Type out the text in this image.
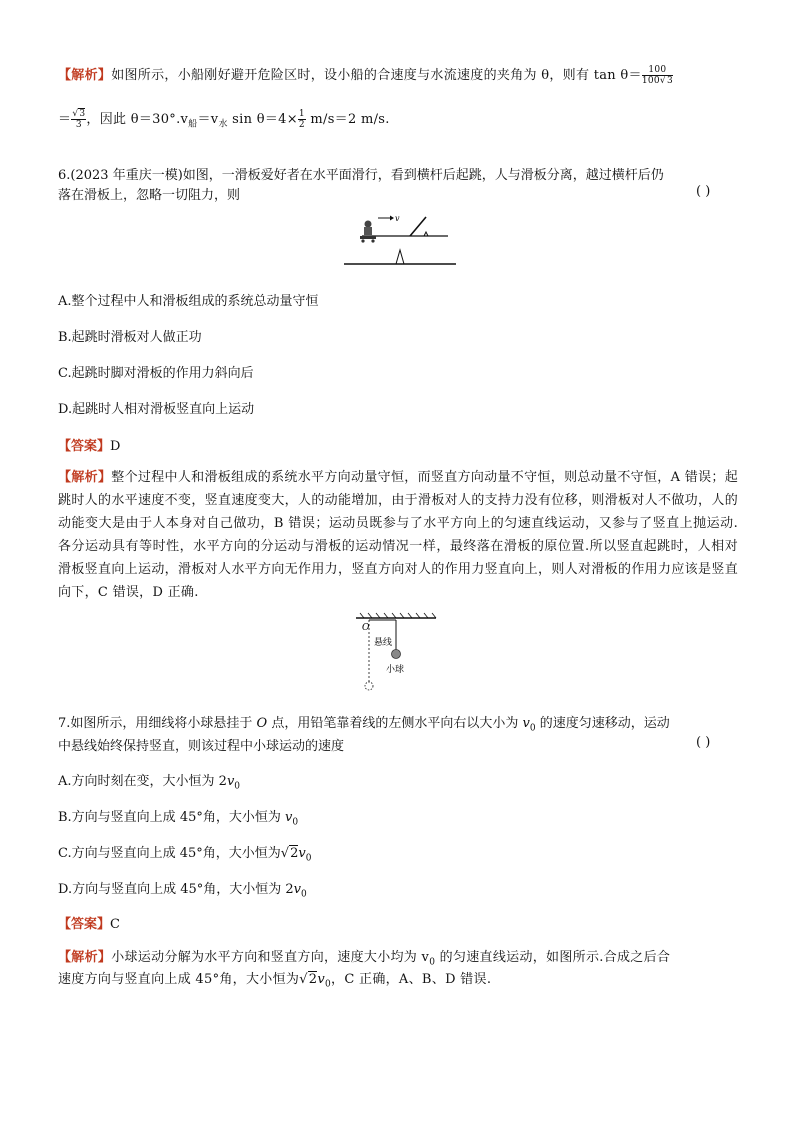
【解析】如图所示，小船刚好避开危险区时，设小船的合速度与水流速度的夹角为 θ，则有 $\tan \theta= \frac{100}{100√3}$
＝ $\frac{√3}{3}$ ，因此 $\theta=30^\circ.v_船=v_水$ $\sin \theta=4\times \frac{1}{2} m/s=2$ m/s.
6.(2023 年重庆一模)如图，一滑板爱好者在水平面滑行，看到横杆后起跳，人与滑板分离，越过横杆后仍
落在滑板上，忽略一切阻力，则	( )
v
A.整个过程中人和滑板组成的系统总动量守恒
B.起跳时滑板对人做正功
C.起跳时脚对滑板的作用力斜向后
D.起跳时人相对滑板竖直向上运动
【答案】D
【解析】整个过程中人和滑板组成的系统水平方向动量守恒，而竖直方向动量不守恒，则总动量不守恒，A 错误；起跳时人的水平速度不变，竖直速度变大，人的动能增加，由于滑板对人的支持力没有位移，则滑板对人不做功，人的动能变大是由于人本身对自己做功，B 错误；运动员既参与了水平方向上的匀速直线运动，又参与了竖直上抛运动.各分运动具有等时性，水平方向的分运动与滑板的运动情况一样，最终落在滑板的原位置.所以竖直起跳时，人相对滑板竖直向上运动，滑板对人水平方向无作用力，竖直方向对人的作用力竖直向上，则人对滑板的作用力应该是竖直向下，C 错误，D 正确.
O
悬线
小球
7.如图所示，用细线将小球悬挂于 O 点，用铅笔靠着线的左侧水平向右以大小为 $v_0$ 的速度匀速移动，运动
中悬线始终保持竖直，则该过程中小球运动的速度	( )
A.方向时刻在变，大小恒为 $2v_0$
B.方向与竖直向上成 45°角，大小恒为 $v_0$
C.方向与竖直向上成 45°角，大小恒为$√2v_0$
D.方向与竖直向上成 45°角，大小恒为 $2v_0$
【答案】C
【解析】小球运动分解为水平方向和竖直方向，速度大小均为 $v_0$ 的匀速直线运动，如图所示.合成之后合
速度方向与竖直向上成 45°角，大小恒为$√2v_0$，C 正确，A、B、D 错误.
